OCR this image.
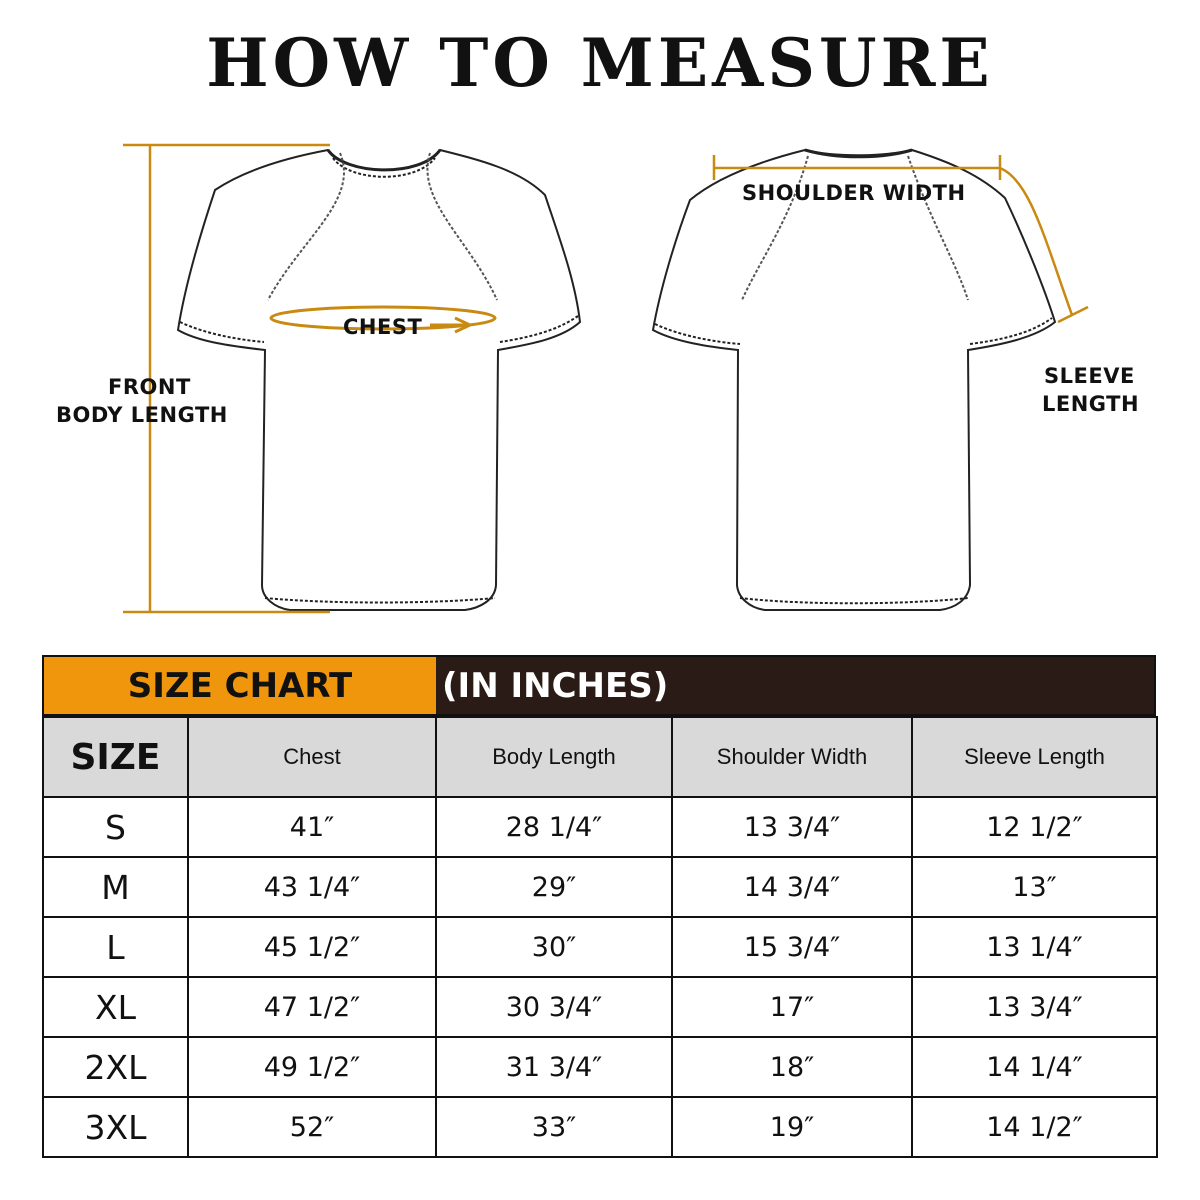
HOW TO MEASURE
FRONT
BODY LENGTH
CHEST
SHOULDER WIDTH
SLEEVE
LENGTH
SIZE CHART	(IN INCHES)
SIZE	Chest	Body Length	Shoulder Width	Sleeve Length
S	41″	28 1/4″	13 3/4″	12 1/2″
M	43 1/4″	29″	14 3/4″	13″
L	45 1/2″	30″	15 3/4″	13 1/4″
XL	47 1/2″	30 3/4″	17″	13 3/4″
2XL	49 1/2″	31 3/4″	18″	14 1/4″
3XL	52″	33″	19″	14 1/2″
